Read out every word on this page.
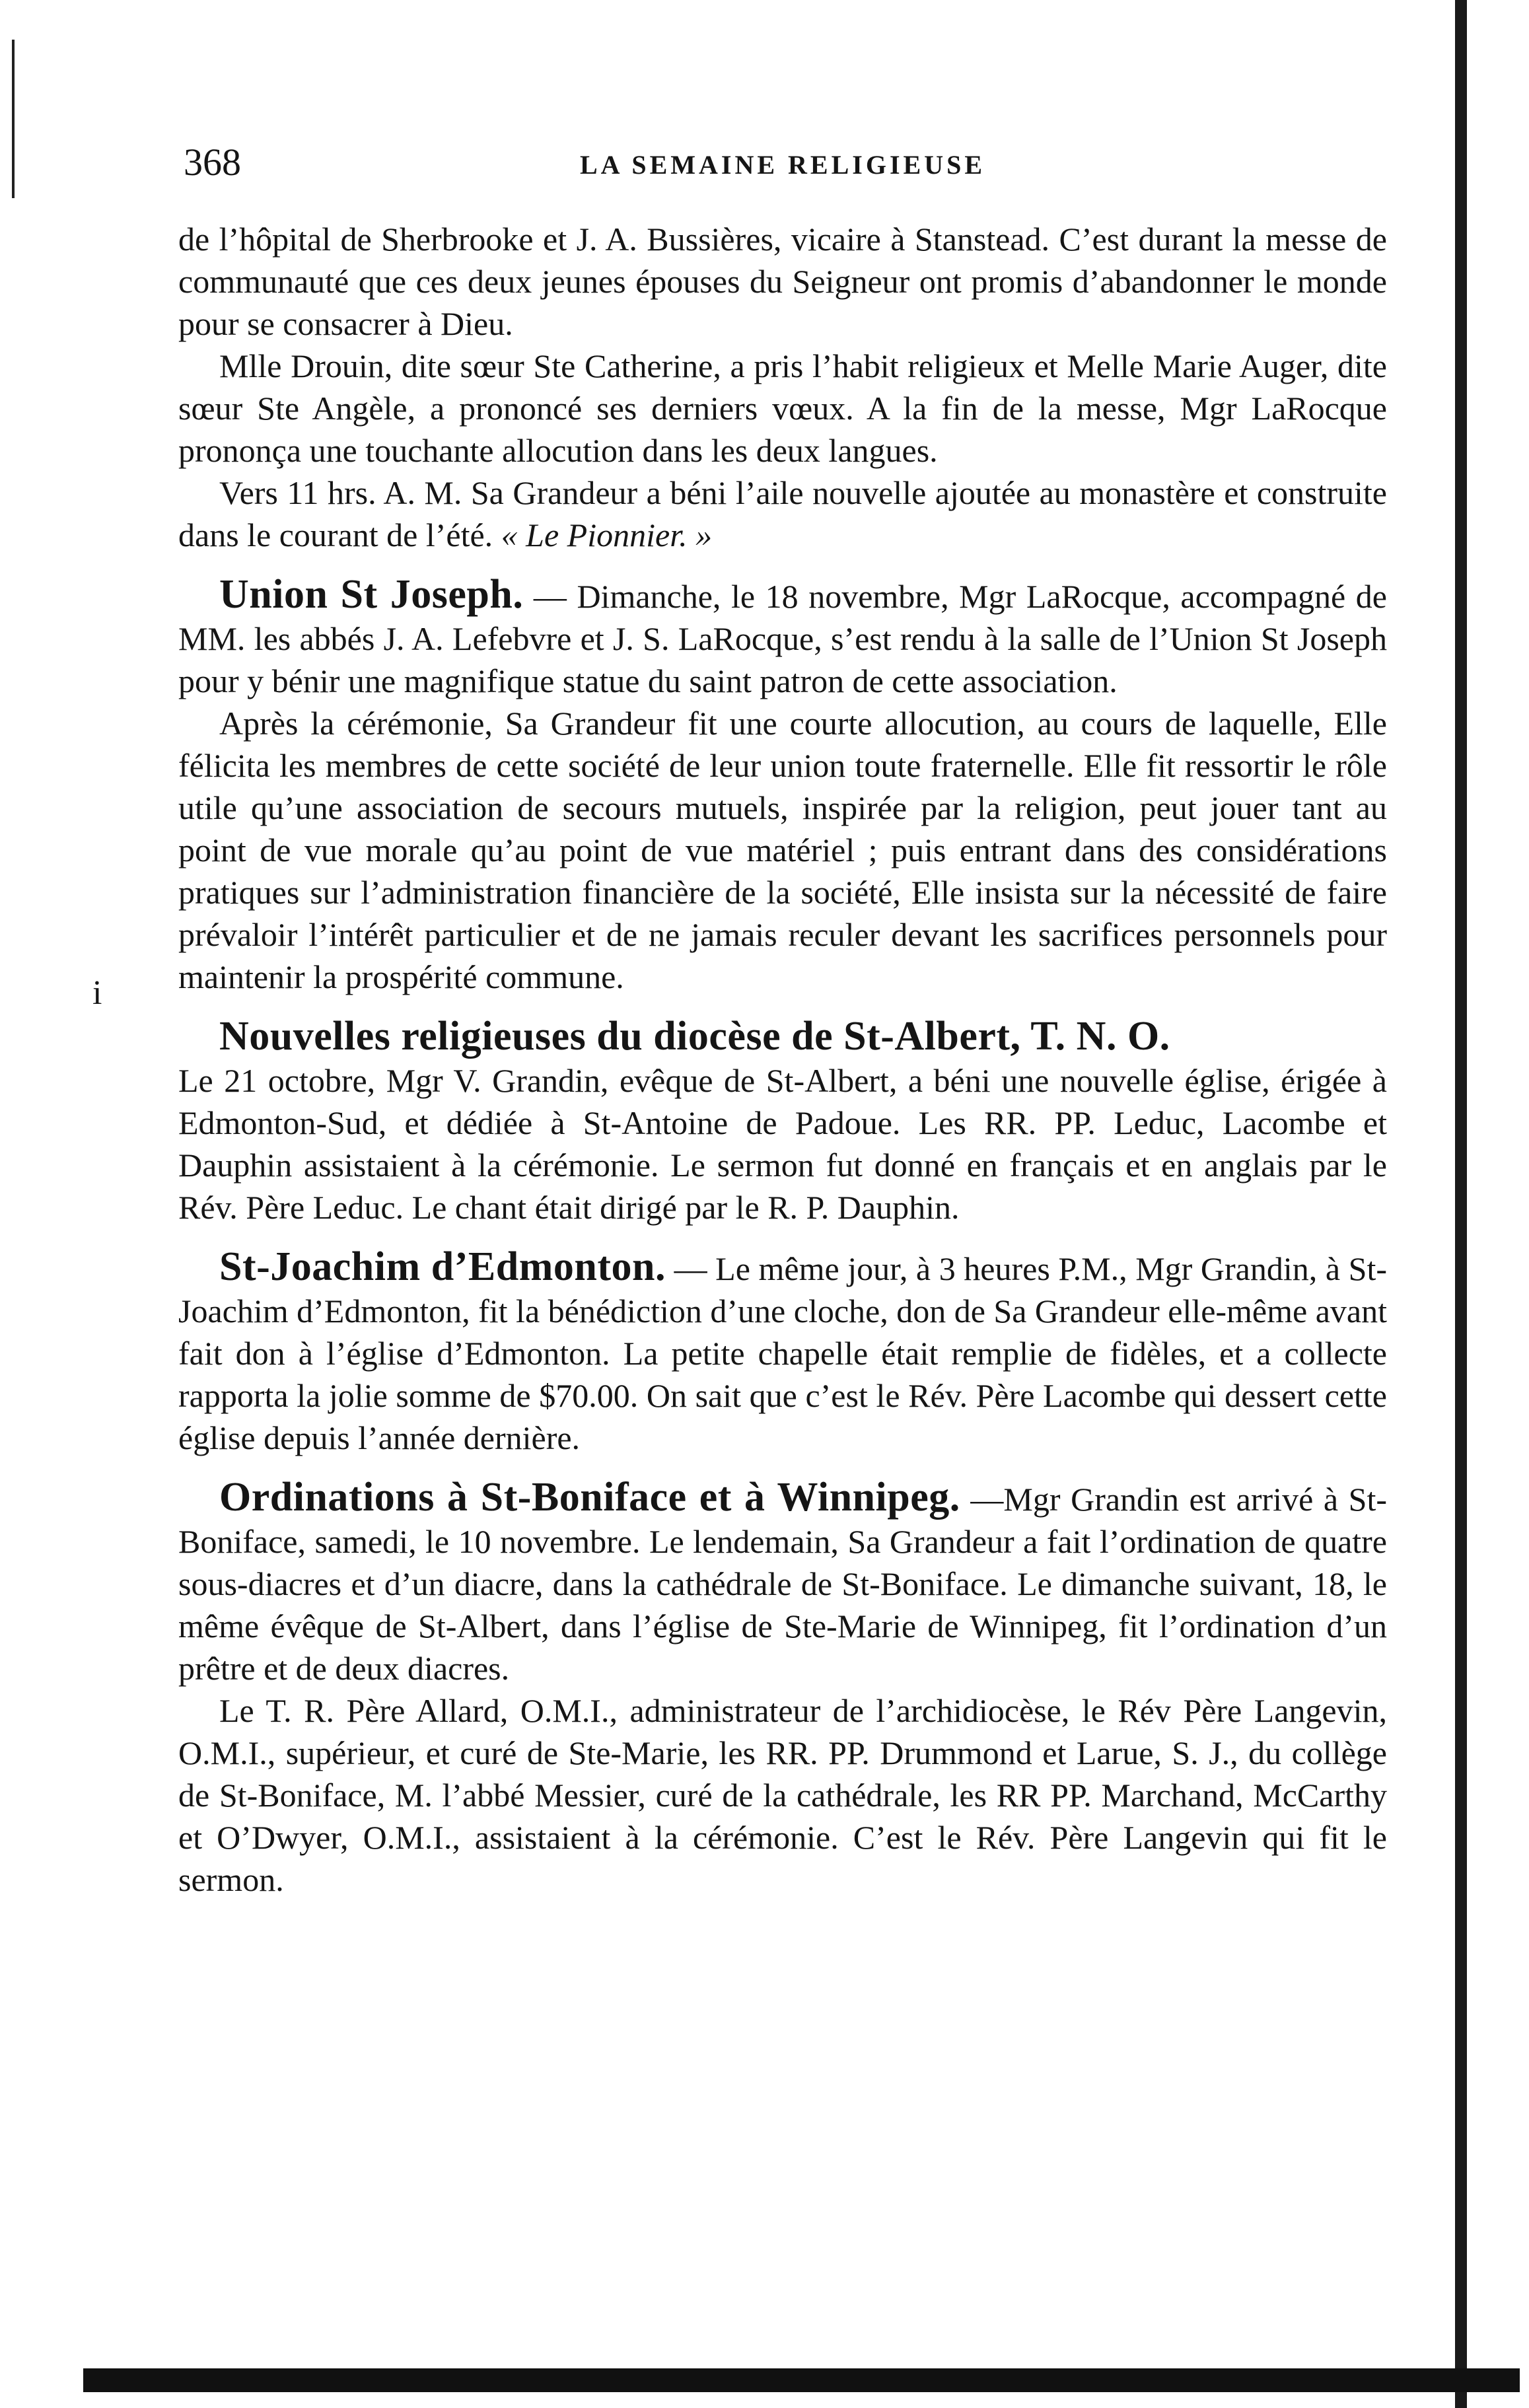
i
368	LA SEMAINE RELIGIEUSE

de l’hôpital de Sherbrooke et J. A. Bussières, vicaire à Stanstead. C’est durant la messe de communauté que ces deux jeunes épouses du Seigneur ont promis d’abandonner le monde pour se consacrer à Dieu.

Mlle Drouin, dite sœur Ste Catherine, a pris l’habit religieux et Melle Marie Auger, dite sœur Ste Angèle, a prononcé ses derniers vœux. A la fin de la messe, Mgr LaRocque prononça une touchante allocution dans les deux langues.

Vers 11 hrs. A. M. Sa Grandeur a béni l’aile nouvelle ajoutée au monastère et construite dans le courant de l’été. « Le Pionnier. »

Union St Joseph. — Dimanche, le 18 novembre, Mgr LaRocque, accompagné de MM. les abbés J. A. Lefebvre et J. S. LaRocque, s’est rendu à la salle de l’Union St Joseph pour y bénir une magnifique statue du saint patron de cette association.

Après la cérémonie, Sa Grandeur fit une courte allocution, au cours de laquelle, Elle félicita les membres de cette société de leur union toute fraternelle. Elle fit ressortir le rôle utile qu’une association de secours mutuels, inspirée par la religion, peut jouer tant au point de vue morale qu’au point de vue matériel ; puis entrant dans des considérations pratiques sur l’administration financière de la société, Elle insista sur la nécessité de faire prévaloir l’intérêt particulier et de ne jamais reculer devant les sacrifices personnels pour maintenir la prospérité commune.

Nouvelles religieuses du diocèse de St-Albert, T. N. O.

Le 21 octobre, Mgr V. Grandin, evêque de St-Albert, a béni une nouvelle église, érigée à Edmonton-Sud, et dédiée à St-Antoine de Padoue. Les RR. PP. Leduc, Lacombe et Dauphin assistaient à la cérémonie. Le sermon fut donné en français et en anglais par le Rév. Père Leduc. Le chant était dirigé par le R. P. Dauphin.

St-Joachim d’Edmonton. — Le même jour, à 3 heures P.M., Mgr Grandin, à St-Joachim d’Edmonton, fit la bénédiction d’une cloche, don de Sa Grandeur elle-même avant fait don à l’église d’Edmonton. La petite chapelle était remplie de fidèles, et a collecte rapporta la jolie somme de $70.00. On sait que c’est le Rév. Père Lacombe qui dessert cette église depuis l’année dernière.

Ordinations à St-Boniface et à Winnipeg. —Mgr Grandin est arrivé à St-Boniface, samedi, le 10 novembre. Le lendemain, Sa Grandeur a fait l’ordination de quatre sous-diacres et d’un diacre, dans la cathédrale de St-Boniface. Le dimanche suivant, 18, le même évêque de St-Albert, dans l’église de Ste-Marie de Winnipeg, fit l’ordination d’un prêtre et de deux diacres.

Le T. R. Père Allard, O.M.I., administrateur de l’archidiocèse, le Rév Père Langevin, O.M.I., supérieur, et curé de Ste-Marie, les RR. PP. Drummond et Larue, S. J., du collège de St-Boniface, M. l’abbé Messier, curé de la cathédrale, les RR PP. Marchand, McCarthy et O’Dwyer, O.M.I., assistaient à la cérémonie. C’est le Rév. Père Langevin qui fit le sermon.
